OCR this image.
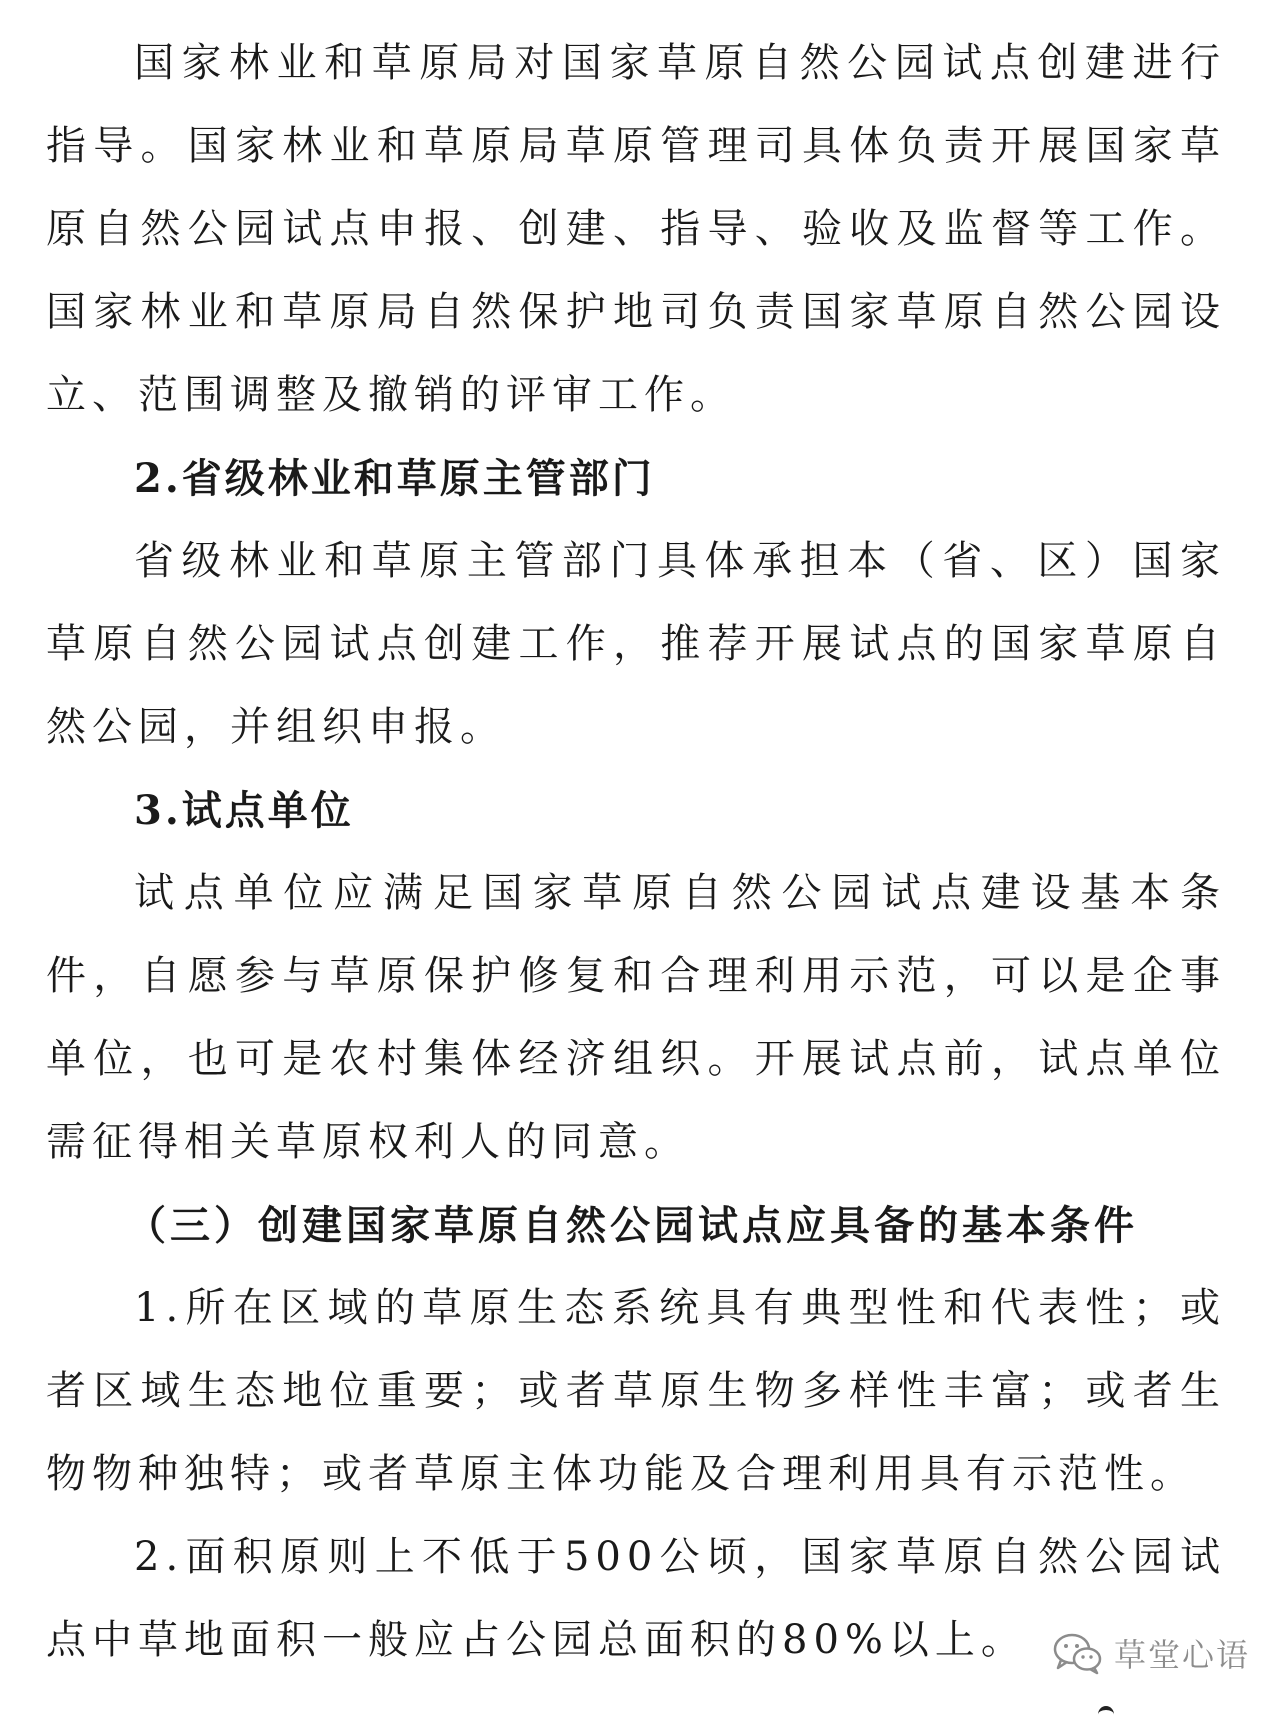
国家林业和草原局对国家草原自然公园试点创建进行指导。国家林业和草原局草原管理司具体负责开展国家草原自然公园试点申报、创建、指导、验收及监督等工作。国家林业和草原局自然保护地司负责国家草原自然公园设立、范围调整及撤销的评审工作。

2.省级林业和草原主管部门

省级林业和草原主管部门具体承担本（省、区）国家草原自然公园试点创建工作，推荐开展试点的国家草原自然公园，并组织申报。

3.试点单位

试点单位应满足国家草原自然公园试点建设基本条件，自愿参与草原保护修复和合理利用示范，可以是企事单位，也可是农村集体经济组织。开展试点前，试点单位需征得相关草原权利人的同意。

（三）创建国家草原自然公园试点应具备的基本条件

1.所在区域的草原生态系统具有典型性和代表性；或者区域生态地位重要；或者草原生物多样性丰富；或者生物物种独特；或者草原主体功能及合理利用具有示范性。

2.面积原则上不低于500公顷，国家草原自然公园试点中草地面积一般应占公园总面积的80%以上。	草堂心语
